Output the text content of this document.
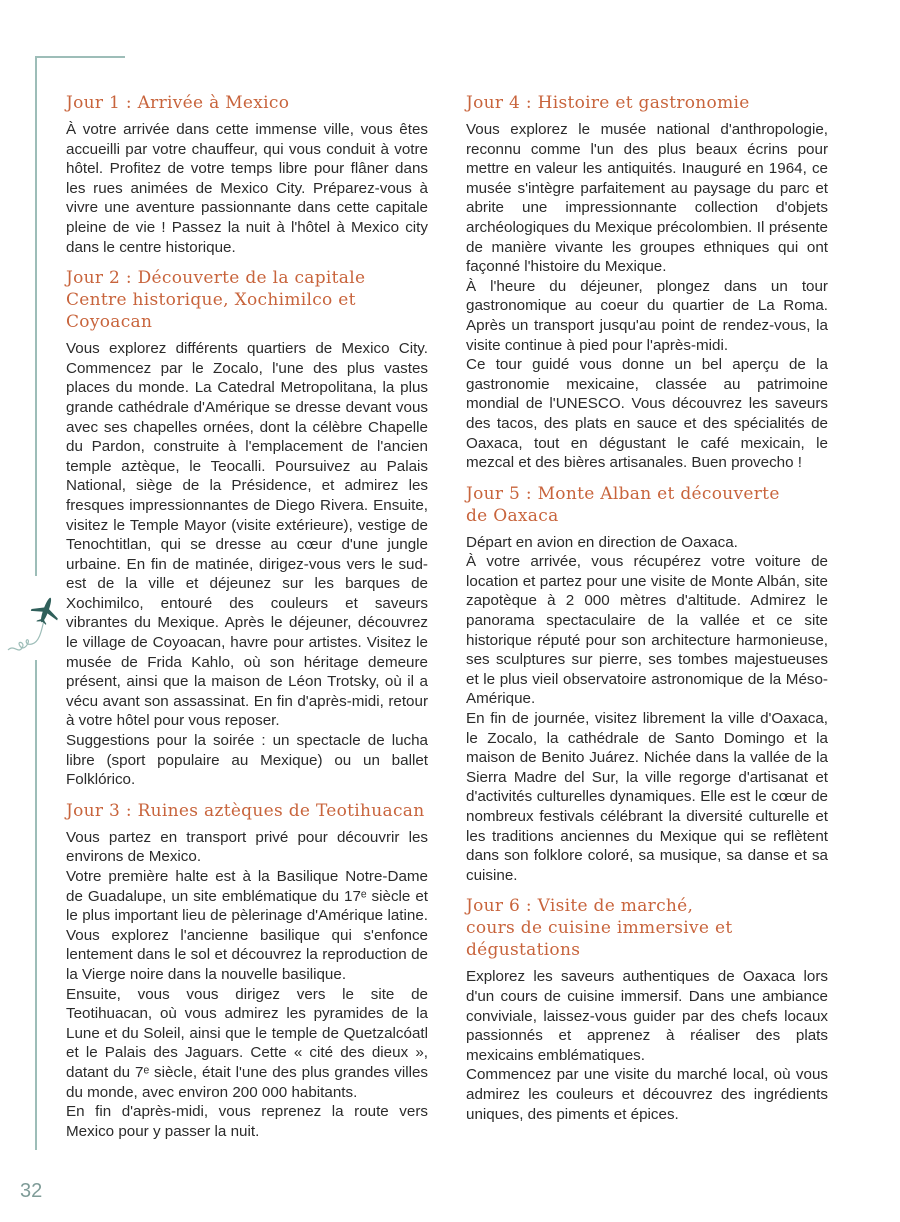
Jour 1 : Arrivée à Mexico

À votre arrivée dans cette immense ville, vous êtes accueilli par votre chauffeur, qui vous conduit à votre hôtel. Profitez de votre temps libre pour flâner dans les rues animées de Mexico City. Préparez-vous à vivre une aventure passionnante dans cette capitale pleine de vie ! Passez la nuit à l'hôtel à Mexico city dans le centre historique.

Jour 2 : Découverte de la capitale
Centre historique, Xochimilco et Coyoacan

Vous explorez différents quartiers de Mexico City. Commencez par le Zocalo, l'une des plus vastes places du monde. La Catedral Metropolitana, la plus grande cathédrale d'Amérique se dresse devant vous avec ses chapelles ornées, dont la célèbre Chapelle du Pardon, construite à l'emplacement de l'ancien temple aztèque, le Teocalli. Poursuivez au Palais National, siège de la Présidence, et admirez les fresques impressionnantes de Diego Rivera. Ensuite, visitez le Temple Mayor (visite extérieure), vestige de Tenochtitlan, qui se dresse au cœur d'une jungle urbaine. En fin de matinée, dirigez-vous vers le sud-est de la ville et déjeunez sur les barques de Xochimilco, entouré des couleurs et saveurs vibrantes du Mexique. Après le déjeuner, découvrez le village de Coyoacan, havre pour artistes. Visitez le musée de Frida Kahlo, où son héritage demeure présent, ainsi que la maison de Léon Trotsky, où il a vécu avant son assassinat. En fin d'après-midi, retour à votre hôtel pour vous reposer.

Suggestions pour la soirée : un spectacle de lucha libre (sport populaire au Mexique) ou un ballet Folklórico.

Jour 3 : Ruines aztèques de Teotihuacan

Vous partez en transport privé pour découvrir les environs de Mexico.

Votre première halte est à la Basilique Notre-Dame de Guadalupe, un site emblématique du 17ᵉ siècle et le plus important lieu de pèlerinage d'Amérique latine. Vous explorez l'ancienne basilique qui s'enfonce lentement dans le sol et découvrez la reproduction de la Vierge noire dans la nouvelle basilique.

Ensuite, vous vous dirigez vers le site de Teotihuacan, où vous admirez les pyramides de la Lune et du Soleil, ainsi que le temple de Quetzalcóatl et le Palais des Jaguars. Cette « cité des dieux », datant du 7ᵉ siècle, était l'une des plus grandes villes du monde, avec environ 200 000 habitants.

En fin d'après-midi, vous reprenez la route vers Mexico pour y passer la nuit.

Jour 4 : Histoire et gastronomie

Vous explorez le musée national d'anthropologie, reconnu comme l'un des plus beaux écrins pour mettre en valeur les antiquités. Inauguré en 1964, ce musée s'intègre parfaitement au paysage du parc et abrite une impressionnante collection d'objets archéologiques du Mexique précolombien. Il présente de manière vivante les groupes ethniques qui ont façonné l'histoire du Mexique.

À l'heure du déjeuner, plongez dans un tour gastronomique au coeur du quartier de La Roma. Après un transport jusqu'au point de rendez-vous, la visite continue à pied pour l'après-midi.

Ce tour guidé vous donne un bel aperçu de la gastronomie mexicaine, classée au patrimoine mondial de l'UNESCO. Vous découvrez les saveurs des tacos, des plats en sauce et des spécialités de Oaxaca, tout en dégustant le café mexicain, le mezcal et des bières artisanales. Buen provecho !

Jour 5 : Monte Alban et découverte
de Oaxaca

Départ en avion en direction de Oaxaca.

À votre arrivée, vous récupérez votre voiture de location et partez pour une visite de Monte Albán, site zapotèque à 2 000 mètres d'altitude. Admirez le panorama spectaculaire de la vallée et ce site historique réputé pour son architecture harmonieuse, ses sculptures sur pierre, ses tombes majestueuses et le plus vieil observatoire astronomique de la Méso-Amérique.

En fin de journée, visitez librement la ville d'Oaxaca, le Zocalo, la cathédrale de Santo Domingo et la maison de Benito Juárez. Nichée dans la vallée de la Sierra Madre del Sur, la ville regorge d'artisanat et d'activités culturelles dynamiques. Elle est le cœur de nombreux festivals célébrant la diversité culturelle et les traditions anciennes du Mexique qui se reflètent dans son folklore coloré, sa musique, sa danse et sa cuisine.

Jour 6 : Visite de marché,
cours de cuisine immersive et dégustations

Explorez les saveurs authentiques de Oaxaca lors d'un cours de cuisine immersif. Dans une ambiance conviviale, laissez-vous guider par des chefs locaux passionnés et apprenez à réaliser des plats mexicains emblématiques.

Commencez par une visite du marché local, où vous admirez les couleurs et découvrez des ingrédients uniques, des piments et épices.

32
